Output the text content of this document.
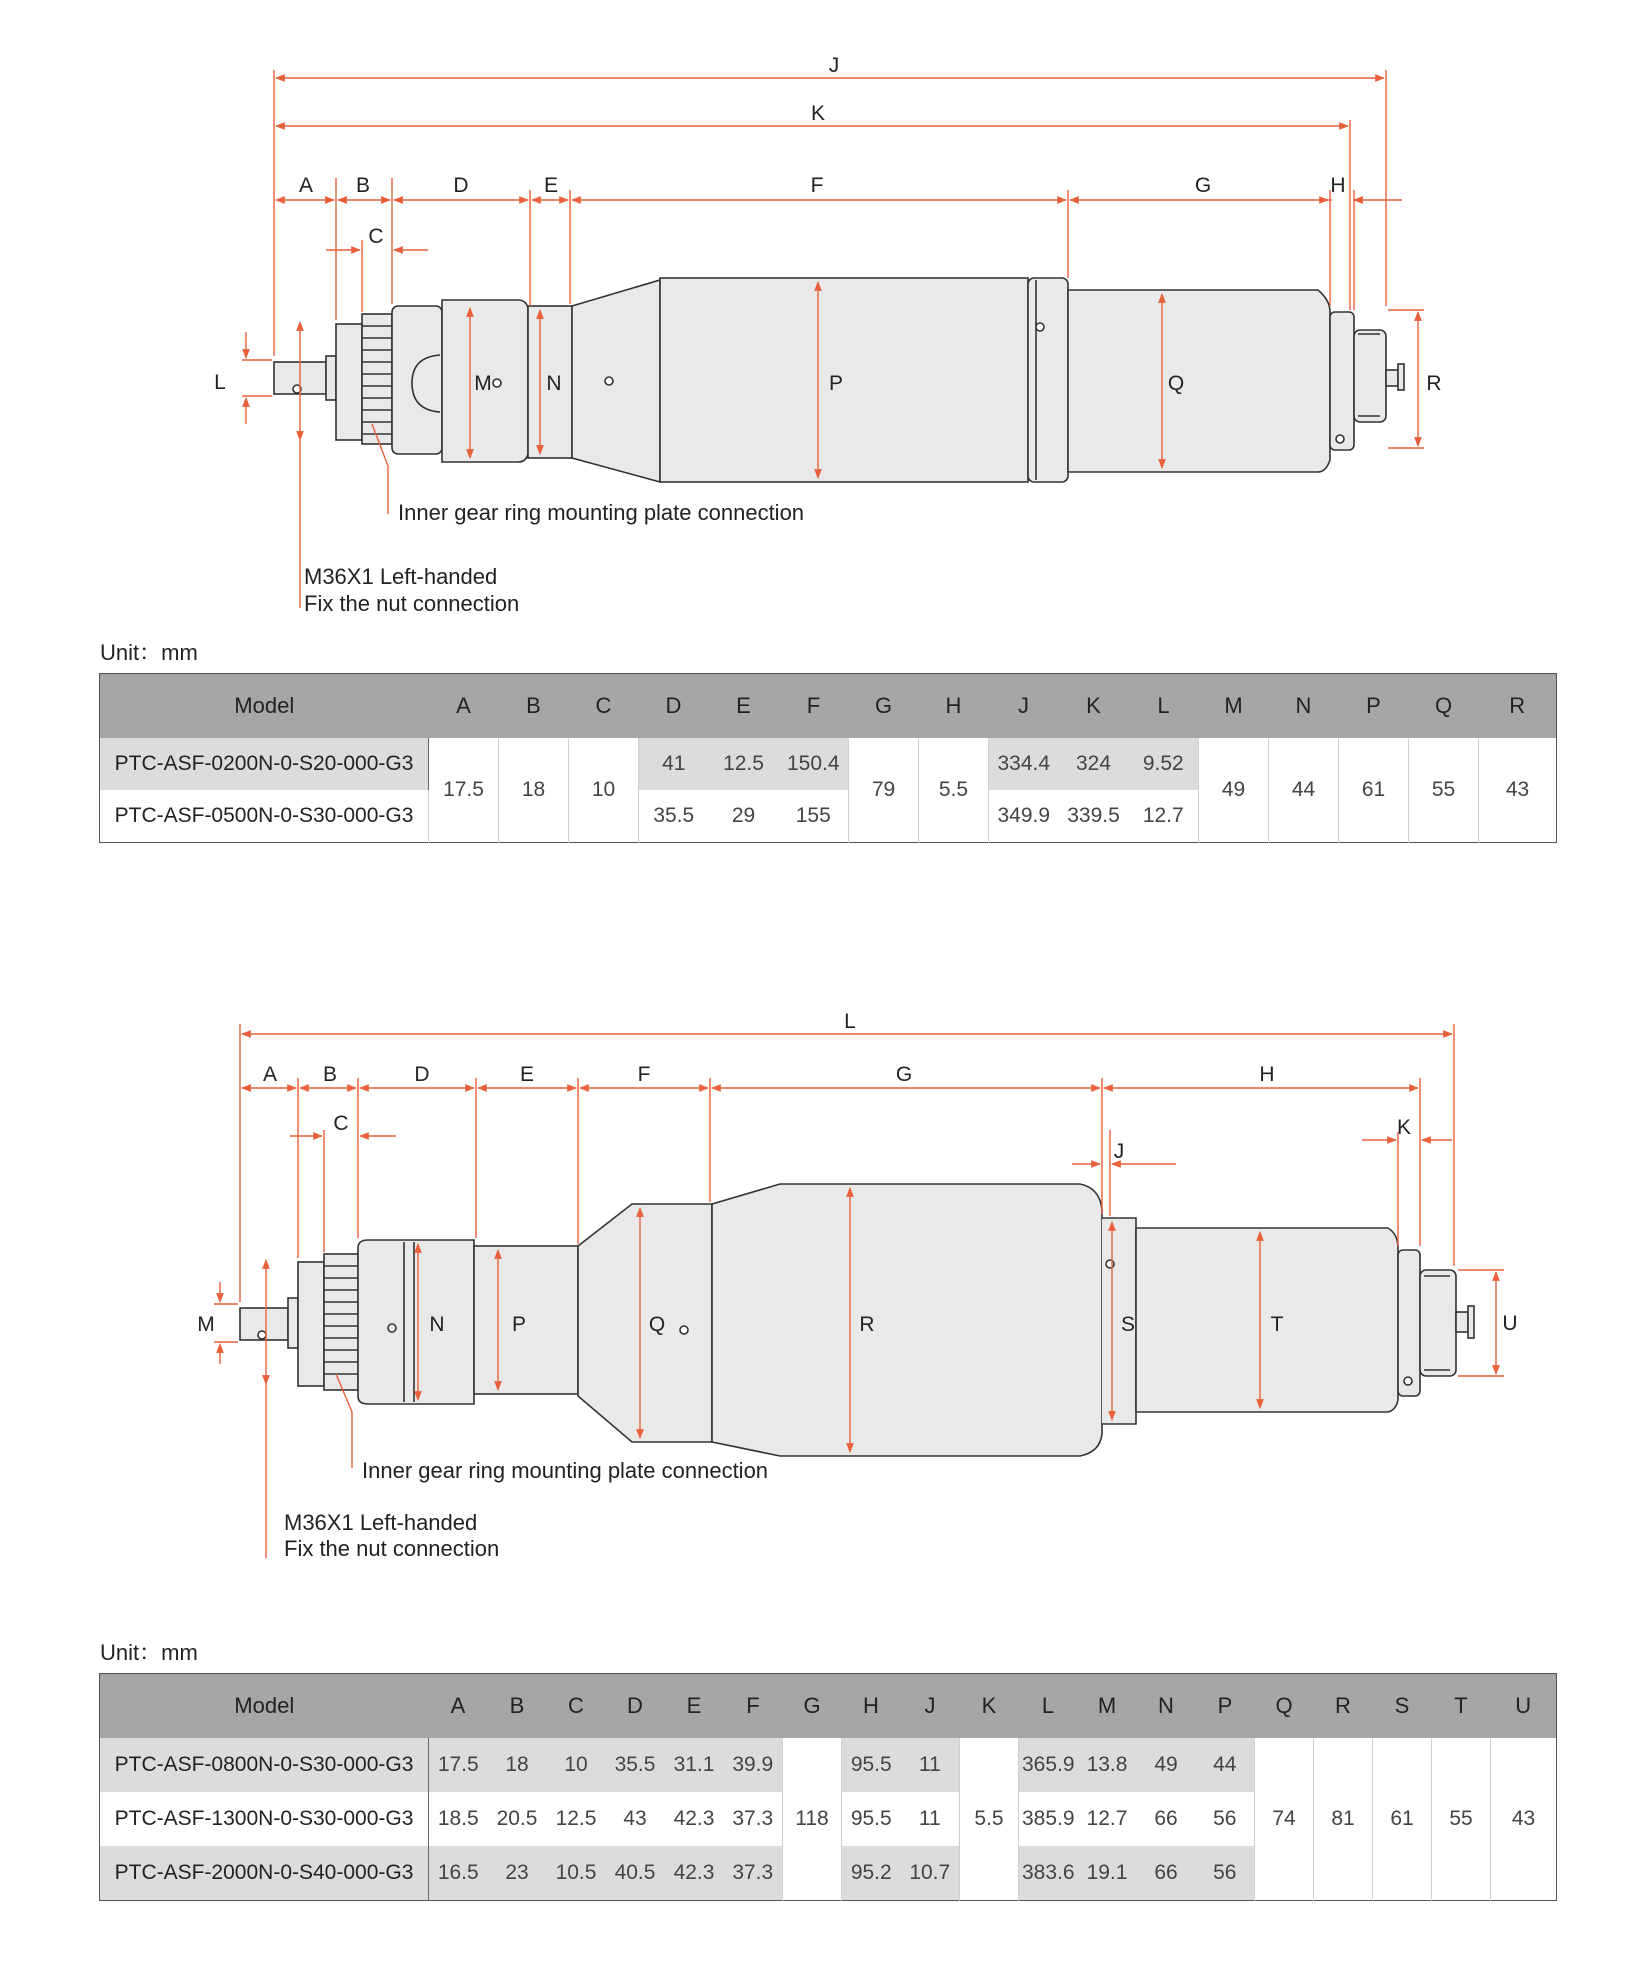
J
K
A B
C
D	E	F	G	H
L	M	N	P	Q	R
Inner gear ring mounting plate connection
M36X1 Left-handed
Fix the nut connection
Unit：mm
Model	A	B	C	D	E	F	G	H	J	K	L	M	N	P	Q	R
PTC-ASF-0200N-0-S20-000-G3	17.5	18	10	41	12.5	150.4	79	5.5	334.4	324	9.52	49	44	61	55	43
PTC-ASF-0500N-0-S30-000-G3				35.5	29	155			349.9	339.5	12.7					
L
A B
C
D	E	F	G	H
J
K
M	N	P	Q	R	S	T	U
Inner gear ring mounting plate connection
M36X1 Left-handed
Fix the nut connection
Unit：mm
Model	A	B	C	D	E	F	G	H	J	K	L	M	N	P	Q	R	S	T	U
PTC-ASF-0800N-0-S30-000-G3	17.5	18	10	35.5	31.1	39.9	118	95.5	11	5.5	365.9	13.8	49	44	74	81	61	55	43
PTC-ASF-1300N-0-S30-000-G3	18.5	20.5	12.5	43	42.3	37.3		95.5	11		385.9	12.7	66	56					
PTC-ASF-2000N-0-S40-000-G3	16.5	23	10.5	40.5	42.3	37.3		95.2	10.7		383.6	19.1	66	56					
